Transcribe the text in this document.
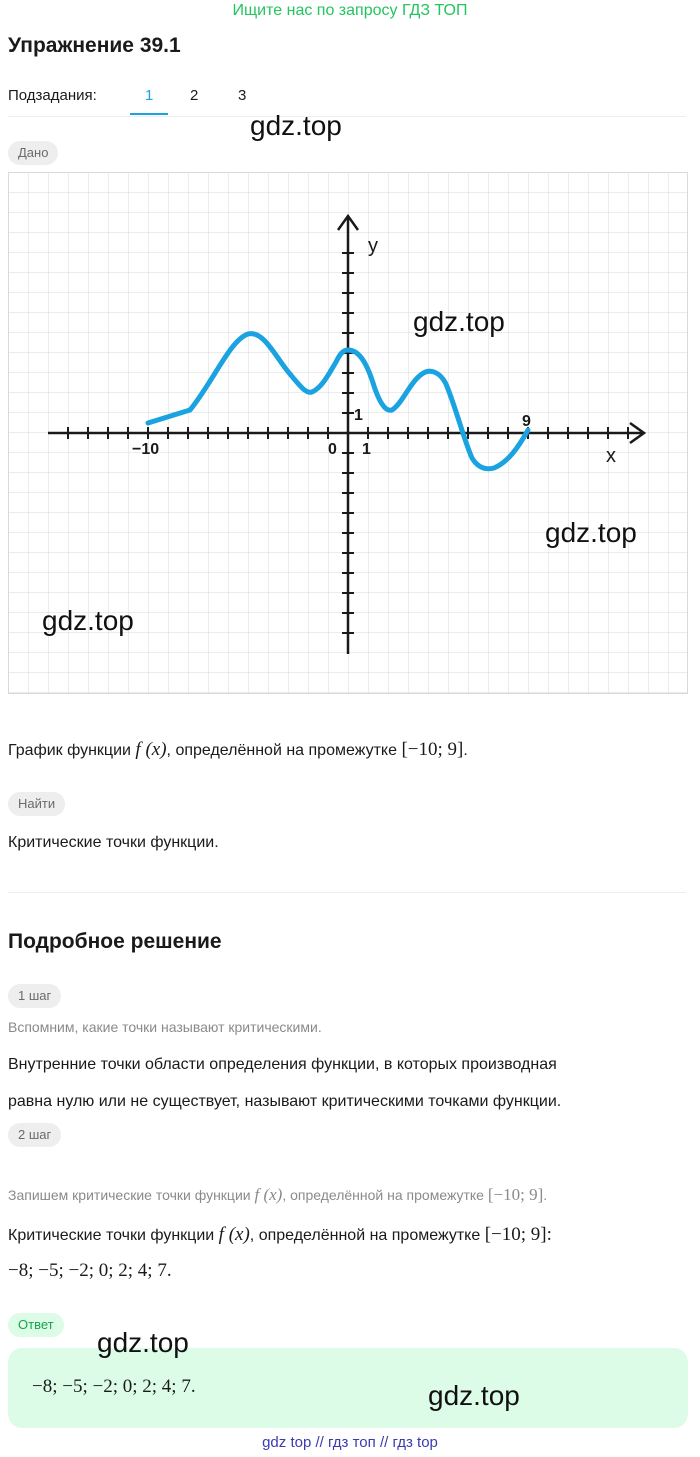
Ищите нас по запросу ГДЗ ТОП
Упражнение 39.1
Подзадания:	1 2	3
gdz.top
Дано
y
x
−10	0 1
1	9
gdz.top
gdz.top
gdz.top
График функции f (x), определённой на промежутке [−10; 9].
Найти
Критические точки функции.
Подробное решение
1 шаг
Вспомним, какие точки называют критическими.
Внутренние точки области определения функции, в которых производная
равна нулю или не существует, называют критическими точками функции.
2 шаг
Запишем критические точки функции f (x), определённой на промежутке [−10; 9].
Критические точки функции f (x), определённой на промежутке [−10; 9]:
−8; −5; −2; 0; 2; 4; 7.
Ответ
−8; −5; −2; 0; 2; 4; 7.
gdz.top
gdz.top
gdz top // гдз топ // гдз top
